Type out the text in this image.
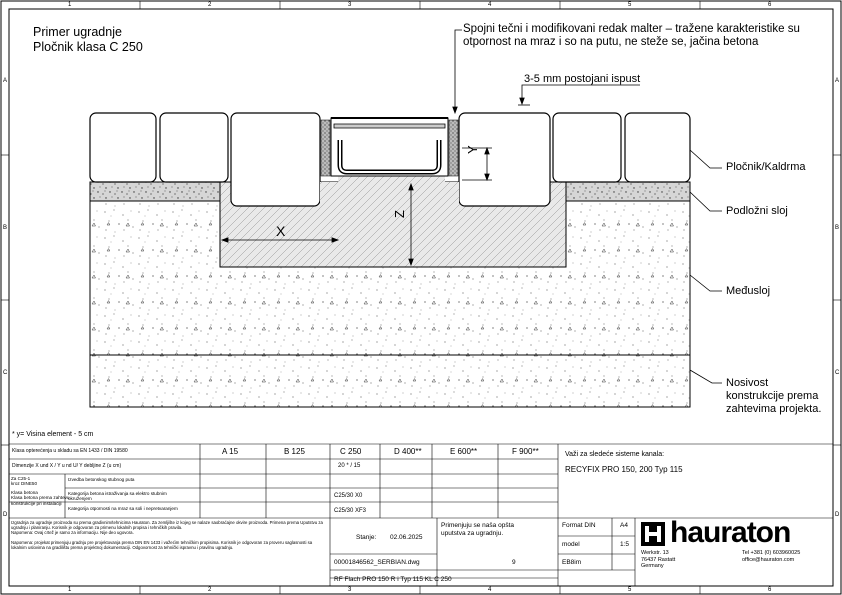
1	2	3	4	5	6
1	2	3	4	5	6
A
B
C
D
A
B
C
D
Primer ugradnje
Pločnik klasa C 250
Spojni tečni i modifikovani redak malter – tražene karakteristike su
otpornost na mraz i so na putu, ne steže se, jačina betona
3-5 mm postojani ispust
X
Y
Z
Pločnik/Kaldrma
Podložni sloj
Međusloj
Nosivost
konstrukcije prema
zahtevima projekta.
* y= Visina element - 5 cm
Klasa opterećenja u skladu sa EN 1433 / DIN 19580	A 15	B 125	C 250	D 400**	E 600**	F 900**
Dimenzije X und X / Y u nd U/ Y debljine Z (u cm)	20 * / 15
Za C25-1
kroz DINE50
Klasa betona
Klasa betona prema zahtevu
konstrukcije pri instalaciji
Izvedba betonskog stubnog puta
Kategorija betona istraživanja sa elektro stubnim
okruženjem	C25/30 X0
Kategorija otpornosti na mraz sa soli i nepretvaranjem	C25/30 XF3
Važi za sledeće sisteme kanala:
RECYFIX PRO 150, 200 Typ 115
Izgradnja za ugradnje proizvoda su prema gradivnim/tehnicima Hauraton. Za zemljište iz kojeg se nalaze saobraćajne okvire proizvoda. Primena prema Uputstvu za ugradnju i planiranju. Korisnik je odgovoran za primenu lokalnih propisa i tehničkih pravila.
Napomena: Ovaj crtež je samo za informaciju. Nije deo ugovora.

Napomena: projekat primenjuju gradnju pre projektovanja prema DIN EN 1433 i važećim tehničkim propisima. Korisnik je odgovoran za proveru saglasnosti sa lokalnim uslovima na gradilištu prema projektnoj dokumentaciji. Odgovornost za tehnički ispravnu i pravilnu ugradnju.
Stanje: 02.06.2025
Primenjuju se naša opšta
uputstva za ugradnju.
00001846562_SERBIAN.dwg	9
Format DIN	A4
model	1:5
EB8im
RF Flach PRO 150 R i Typ 115 KL C 250
hauraton
Werkstr. 13
76437 Rastatt
Germany
Tel +381 (0) 603960025
office@hauraton.com
